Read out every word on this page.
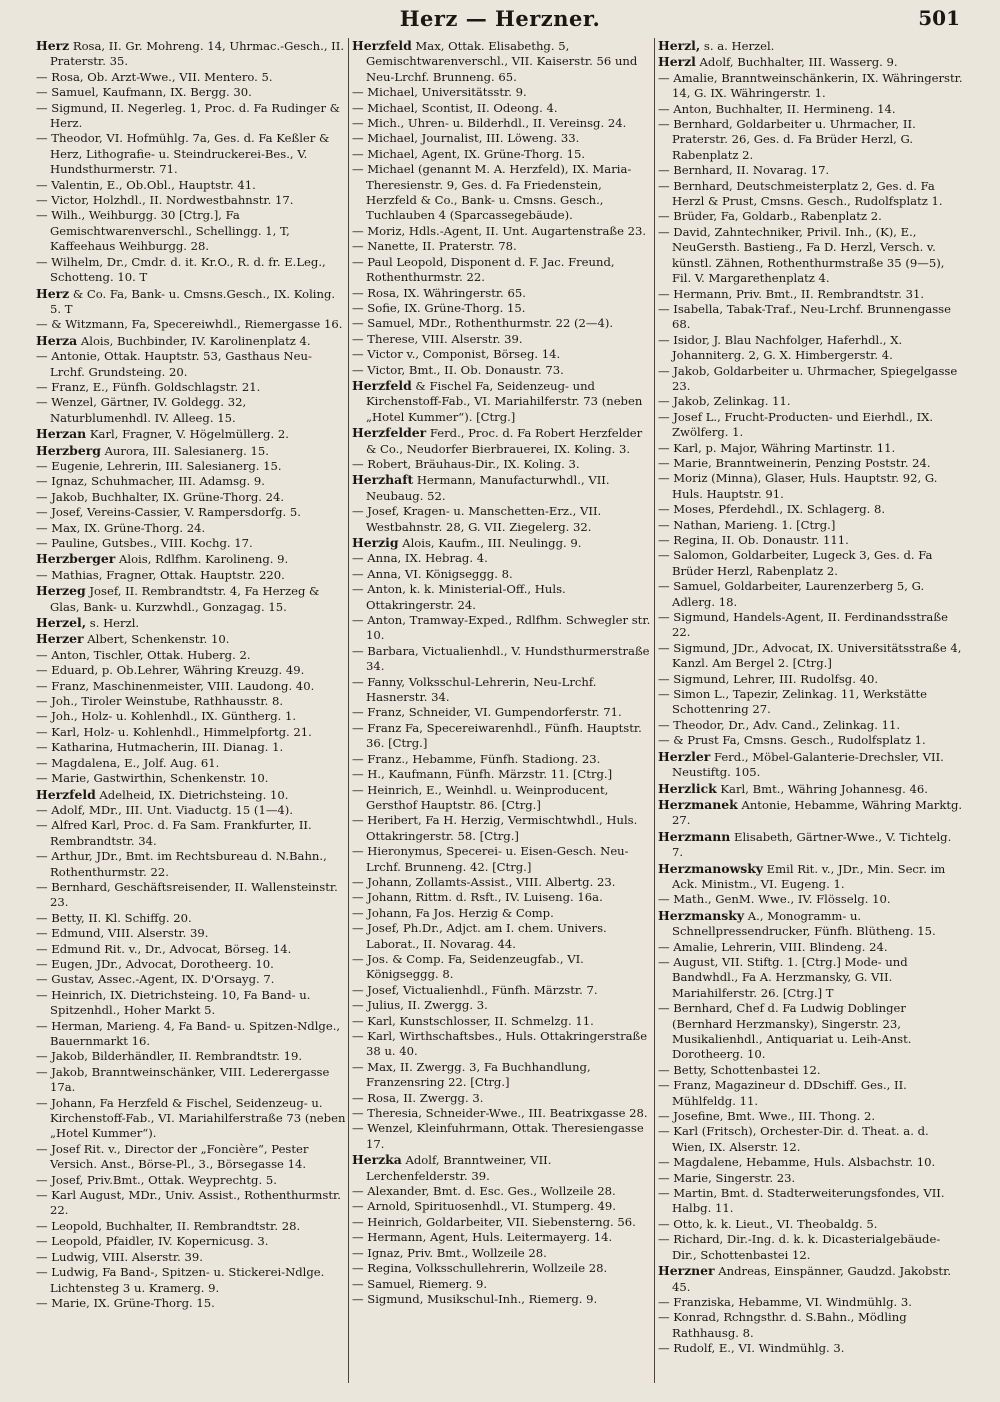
Herz — Herzner.	501

Herz Rosa, II. Gr. Mohreng. 14, Uhrmac.-Gesch., II. Praterstr. 35.

— Rosa, Ob. Arzt-Wwe., VII. Mentero. 5.

— Samuel, Kaufmann, IX. Bergg. 30.

— Sigmund, II. Negerleg. 1, Proc. d. Fa Rudinger & Herz.

— Theodor, VI. Hofmühlg. 7a, Ges. d. Fa Keßler & Herz, Lithografie- u. Steindruckerei-Bes., V. Hundsthurmerstr. 71.

— Valentin, E., Ob.Obl., Hauptstr. 41.

— Victor, Holzhdl., II. Nordwestbahnstr. 17.

— Wilh., Weihburgg. 30 [Ctrg.], Fa Gemischtwarenverschl., Schellingg. 1, T, Kaffeehaus Weihburgg. 28.

— Wilhelm, Dr., Cmdr. d. it. Kr.O., R. d. fr. E.Leg., Schotteng. 10. T

Herz & Co. Fa, Bank- u. Cmsns.Gesch., IX. Koling. 5. T

— & Witzmann, Fa, Specereiwhdl., Riemergasse 16.

Herza Alois, Buchbinder, IV. Karolinenplatz 4.

— Antonie, Ottak. Hauptstr. 53, Gasthaus Neu-Lrchf. Grundsteing. 20.

— Franz, E., Fünfh. Goldschlagstr. 21.

— Wenzel, Gärtner, IV. Goldegg. 32, Naturblumenhdl. IV. Alleeg. 15.

Herzan Karl, Fragner, V. Högelmüllerg. 2.

Herzberg Aurora, III. Salesianerg. 15.

— Eugenie, Lehrerin, III. Salesianerg. 15.

— Ignaz, Schuhmacher, III. Adamsg. 9.

— Jakob, Buchhalter, IX. Grüne-Thorg. 24.

— Josef, Vereins-Cassier, V. Rampersdorfg. 5.

— Max, IX. Grüne-Thorg. 24.

— Pauline, Gutsbes., VIII. Kochg. 17.

Herzberger Alois, Rdlfhm. Karolineng. 9.

— Mathias, Fragner, Ottak. Hauptstr. 220.

Herzeg Josef, II. Rembrandtstr. 4, Fa Herzeg & Glas, Bank- u. Kurzwhdl., Gonzagag. 15.

Herzel, s. Herzl.

Herzer Albert, Schenkenstr. 10.

— Anton, Tischler, Ottak. Huberg. 2.

— Eduard, p. Ob.Lehrer, Währing Kreuzg. 49.

— Franz, Maschinenmeister, VIII. Laudong. 40.

— Joh., Tiroler Weinstube, Rathhausstr. 8.

— Joh., Holz- u. Kohlenhdl., IX. Güntherg. 1.

— Karl, Holz- u. Kohlenhdl., Himmelpfortg. 21.

— Katharina, Hutmacherin, III. Dianag. 1.

— Magdalena, E., Jolf. Aug. 61.

— Marie, Gastwirthin, Schenkenstr. 10.

Herzfeld Adelheid, IX. Dietrichsteing. 10.

— Adolf, MDr., III. Unt. Viaductg. 15 (1—4).

— Alfred Karl, Proc. d. Fa Sam. Frankfurter, II. Rembrandtstr. 34.

— Arthur, JDr., Bmt. im Rechtsbureau d. N.Bahn., Rothenthurmstr. 22.

— Bernhard, Geschäftsreisender, II. Wallensteinstr. 23.

— Betty, II. Kl. Schiffg. 20.

— Edmund, VIII. Alserstr. 39.

— Edmund Rit. v., Dr., Advocat, Börseg. 14.

— Eugen, JDr., Advocat, Dorotheerg. 10.

— Gustav, Assec.-Agent, IX. D'Orsayg. 7.

— Heinrich, IX. Dietrichsteing. 10, Fa Band- u. Spitzenhdl., Hoher Markt 5.

— Herman, Marieng. 4, Fa Band- u. Spitzen-Ndlge., Bauernmarkt 16.

— Jakob, Bilderhändler, II. Rembrandtstr. 19.

— Jakob, Branntweinschänker, VIII. Lederergasse 17a.

— Johann, Fa Herzfeld & Fischel, Seidenzeug- u. Kirchenstoff-Fab., VI. Mariahilferstraße 73 (neben „Hotel Kummer“).

— Josef Rit. v., Director der „Foncière“, Pester Versich. Anst., Börse-Pl., 3., Börsegasse 14.

— Josef, Priv.Bmt., Ottak. Weyprechtg. 5.

— Karl August, MDr., Univ. Assist., Rothenthurmstr. 22.

— Leopold, Buchhalter, II. Rembrandtstr. 28.

— Leopold, Pfaidler, IV. Kopernicusg. 3.

— Ludwig, VIII. Alserstr. 39.

— Ludwig, Fa Band-, Spitzen- u. Stickerei-Ndlge. Lichtensteg 3 u. Kramerg. 9.

— Marie, IX. Grüne-Thorg. 15.

Herzfeld Max, Ottak. Elisabethg. 5, Gemischtwarenverschl., VII. Kaiserstr. 56 und Neu-Lrchf. Brunneng. 65.

— Michael, Universitätsstr. 9.

— Michael, Scontist, II. Odeong. 4.

— Mich., Uhren- u. Bilderhdl., II. Vereinsg. 24.

— Michael, Journalist, III. Löweng. 33.

— Michael, Agent, IX. Grüne-Thorg. 15.

— Michael (genannt M. A. Herzfeld), IX. Maria-Theresienstr. 9, Ges. d. Fa Friedenstein, Herzfeld & Co., Bank- u. Cmsns. Gesch., Tuchlauben 4 (Sparcassegebäude).

— Moriz, Hdls.-Agent, II. Unt. Augartenstraße 23.

— Nanette, II. Praterstr. 78.

— Paul Leopold, Disponent d. F. Jac. Freund, Rothenthurmstr. 22.

— Rosa, IX. Währingerstr. 65.

— Sofie, IX. Grüne-Thorg. 15.

— Samuel, MDr., Rothenthurmstr. 22 (2—4).

— Therese, VIII. Alserstr. 39.

— Victor v., Componist, Börseg. 14.

— Victor, Bmt., II. Ob. Donaustr. 73.

Herzfeld & Fischel Fa, Seidenzeug- und Kirchenstoff-Fab., VI. Mariahilferstr. 73 (neben „Hotel Kummer“). [Ctrg.]

Herzfelder Ferd., Proc. d. Fa Robert Herzfelder & Co., Neudorfer Bierbrauerei, IX. Koling. 3.

— Robert, Bräuhaus-Dir., IX. Koling. 3.

Herzhaft Hermann, Manufacturwhdl., VII. Neubaug. 52.

— Josef, Kragen- u. Manschetten-Erz., VII. Westbahnstr. 28, G. VII. Ziegelerg. 32.

Herzig Alois, Kaufm., III. Neulingg. 9.

— Anna, IX. Hebrag. 4.

— Anna, VI. Königseggg. 8.

— Anton, k. k. Ministerial-Off., Huls. Ottakringerstr. 24.

— Anton, Tramway-Exped., Rdlfhm. Schwegler str. 10.

— Barbara, Victualienhdl., V. Hundsthurmerstraße 34.

— Fanny, Volksschul-Lehrerin, Neu-Lrchf. Hasnerstr. 34.

— Franz, Schneider, VI. Gumpendorferstr. 71.

— Franz Fa, Specereiwarenhdl., Fünfh. Hauptstr. 36. [Ctrg.]

— Franz., Hebamme, Fünfh. Stadiong. 23.

— H., Kaufmann, Fünfh. Märzstr. 11. [Ctrg.]

— Heinrich, E., Weinhdl. u. Weinproducent, Gersthof Hauptstr. 86. [Ctrg.]

— Heribert, Fa H. Herzig, Vermischtwhdl., Huls. Ottakringerstr. 58. [Ctrg.]

— Hieronymus, Specerei- u. Eisen-Gesch. Neu-Lrchf. Brunneng. 42. [Ctrg.]

— Johann, Zollamts-Assist., VIII. Albertg. 23.

— Johann, Rittm. d. Rsft., IV. Luiseng. 16a.

— Johann, Fa Jos. Herzig & Comp.

— Josef, Ph.Dr., Adjct. am I. chem. Univers. Laborat., II. Novarag. 44.

— Jos. & Comp. Fa, Seidenzeugfab., VI. Königseggg. 8.

— Josef, Victualienhdl., Fünfh. Märzstr. 7.

— Julius, II. Zwergg. 3.

— Karl, Kunstschlosser, II. Schmelzg. 11.

— Karl, Wirthschaftsbes., Huls. Ottakringerstraße 38 u. 40.

— Max, II. Zwergg. 3, Fa Buchhandlung, Franzensring 22. [Ctrg.]

— Rosa, II. Zwergg. 3.

— Theresia, Schneider-Wwe., III. Beatrixgasse 28.

— Wenzel, Kleinfuhrmann, Ottak. Theresiengasse 17.

Herzka Adolf, Branntweiner, VII. Lerchenfelderstr. 39.

— Alexander, Bmt. d. Esc. Ges., Wollzeile 28.

— Arnold, Spirituosenhdl., VI. Stumperg. 49.

— Heinrich, Goldarbeiter, VII. Siebensterng. 56.

— Hermann, Agent, Huls. Leitermayerg. 14.

— Ignaz, Priv. Bmt., Wollzeile 28.

— Regina, Volksschullehrerin, Wollzeile 28.

— Samuel, Riemerg. 9.

— Sigmund, Musikschul-Inh., Riemerg. 9.

Herzl, s. a. Herzel.

Herzl Adolf, Buchhalter, III. Wasserg. 9.

— Amalie, Branntweinschänkerin, IX. Währingerstr. 14, G. IX. Währingerstr. 1.

— Anton, Buchhalter, II. Hermineng. 14.

— Bernhard, Goldarbeiter u. Uhrmacher, II. Praterstr. 26, Ges. d. Fa Brüder Herzl, G. Rabenplatz 2.

— Bernhard, II. Novarag. 17.

— Bernhard, Deutschmeisterplatz 2, Ges. d. Fa Herzl & Prust, Cmsns. Gesch., Rudolfsplatz 1.

— Brüder, Fa, Goldarb., Rabenplatz 2.

— David, Zahntechniker, Privil. Inh., (K), E., NeuGersth. Bastieng., Fa D. Herzl, Versch. v. künstl. Zähnen, Rothenthurmstraße 35 (9—5), Fil. V. Margarethenplatz 4.

— Hermann, Priv. Bmt., II. Rembrandtstr. 31.

— Isabella, Tabak-Traf., Neu-Lrchf. Brunnengasse 68.

— Isidor, J. Blau Nachfolger, Haferhdl., X. Johanniterg. 2, G. X. Himbergerstr. 4.

— Jakob, Goldarbeiter u. Uhrmacher, Spiegelgasse 23.

— Jakob, Zelinkag. 11.

— Josef L., Frucht-Producten- und Eierhdl., IX. Zwölferg. 1.

— Karl, p. Major, Währing Martinstr. 11.

— Marie, Branntweinerin, Penzing Poststr. 24.

— Moriz (Minna), Glaser, Huls. Hauptstr. 92, G. Huls. Hauptstr. 91.

— Moses, Pferdehdl., IX. Schlagerg. 8.

— Nathan, Marieng. 1. [Ctrg.]

— Regina, II. Ob. Donaustr. 111.

— Salomon, Goldarbeiter, Lugeck 3, Ges. d. Fa Brüder Herzl, Rabenplatz 2.

— Samuel, Goldarbeiter, Laurenzerberg 5, G. Adlerg. 18.

— Sigmund, Handels-Agent, II. Ferdinandsstraße 22.

— Sigmund, JDr., Advocat, IX. Universitätsstraße 4, Kanzl. Am Bergel 2. [Ctrg.]

— Sigmund, Lehrer, III. Rudolfsg. 40.

— Simon L., Tapezir, Zelinkag. 11, Werkstätte Schottenring 27.

— Theodor, Dr., Adv. Cand., Zelinkag. 11.

— & Prust Fa, Cmsns. Gesch., Rudolfsplatz 1.

Herzler Ferd., Möbel-Galanterie-Drechsler, VII. Neustiftg. 105.

Herzlick Karl, Bmt., Währing Johannesg. 46.

Herzmanek Antonie, Hebamme, Währing Marktg. 27.

Herzmann Elisabeth, Gärtner-Wwe., V. Tichtelg. 7.

Herzmanowsky Emil Rit. v., JDr., Min. Secr. im Ack. Ministm., VI. Eugeng. 1.

— Math., GenM. Wwe., IV. Flösselg. 10.

Herzmansky A., Monogramm- u. Schnellpressendrucker, Fünfh. Blütheng. 15.

— Amalie, Lehrerin, VIII. Blindeng. 24.

— August, VII. Stiftg. 1. [Ctrg.] Mode- und Bandwhdl., Fa A. Herzmansky, G. VII. Mariahilferstr. 26. [Ctrg.] T

— Bernhard, Chef d. Fa Ludwig Doblinger (Bernhard Herzmansky), Singerstr. 23, Musikalienhdl., Antiquariat u. Leih-Anst. Dorotheerg. 10.

— Betty, Schottenbastei 12.

— Franz, Magazineur d. DDschiff. Ges., II. Mühlfeldg. 11.

— Josefine, Bmt. Wwe., III. Thong. 2.

— Karl (Fritsch), Orchester-Dir. d. Theat. a. d. Wien, IX. Alserstr. 12.

— Magdalene, Hebamme, Huls. Alsbachstr. 10.

— Marie, Singerstr. 23.

— Martin, Bmt. d. Stadterweiterungsfondes, VII. Halbg. 11.

— Otto, k. k. Lieut., VI. Theobaldg. 5.

— Richard, Dir.-Ing. d. k. k. Dicasterialgebäude-Dir., Schottenbastei 12.

Herzner Andreas, Einspänner, Gaudzd. Jakobstr. 45.

— Franziska, Hebamme, VI. Windmühlg. 3.

— Konrad, Rchngsthr. d. S.Bahn., Mödling Rathhausg. 8.

— Rudolf, E., VI. Windmühlg. 3.
